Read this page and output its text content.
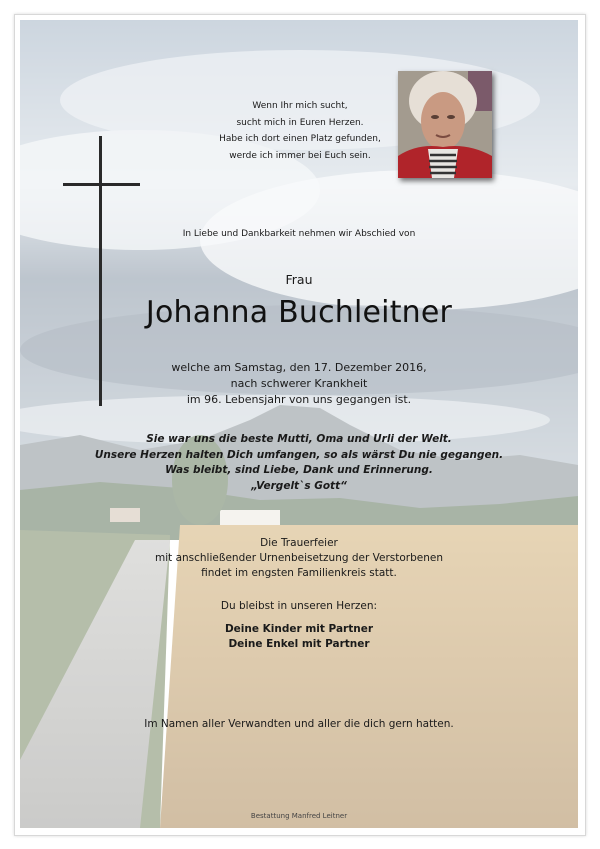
Wenn Ihr mich sucht,
sucht mich in Euren Herzen.
Habe ich dort einen Platz gefunden,
werde ich immer bei Euch sein.
In Liebe und Dankbarkeit nehmen wir Abschied von
Frau
Johanna Buchleitner
welche am Samstag, den 17. Dezember 2016,
nach schwerer Krankheit
im 96. Lebensjahr von uns gegangen ist.
Sie war uns die beste Mutti, Oma und Urli der Welt.
Unsere Herzen halten Dich umfangen, so als wärst Du nie gegangen.
Was bleibt, sind Liebe, Dank und Erinnerung.
„Vergelt`s Gott“
Die Trauerfeier
mit anschließender Urnenbeisetzung der Verstorbenen
findet im engsten Familienkreis statt.
Du bleibst in unseren Herzen:
Deine Kinder mit Partner
Deine Enkel mit Partner
Im Namen aller Verwandten und aller die dich gern hatten.
Bestattung Manfred Leitner
